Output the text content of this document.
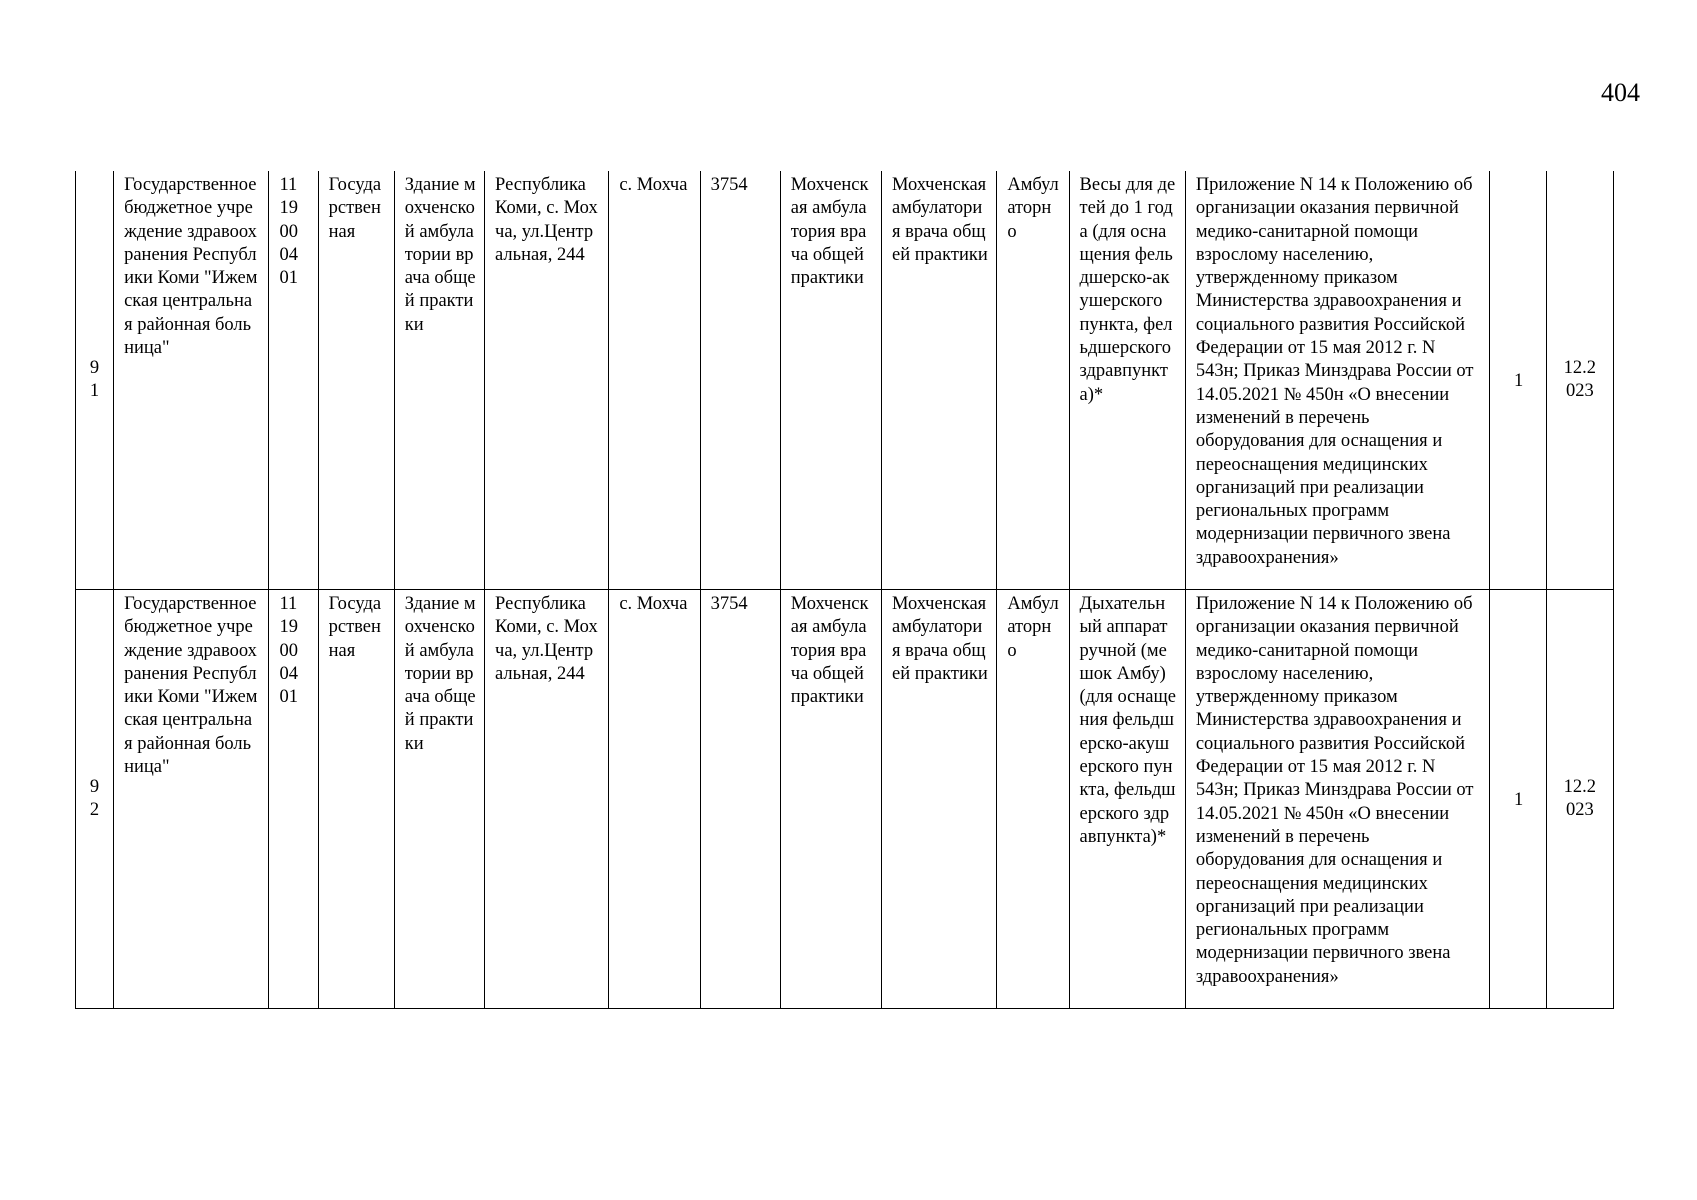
404
91	Государственное бюджетное учреждение здравоохранения Республики Коми "Ижемская центральная районная больница"	1119000401	Государственная	Здание мохченской амбулатории врача общей практики	Республика Коми, с. Мохча, ул.Центральная, 244	с. Мохча	3754	Мохченская амбулатория врача общей практики	Мохченская амбулатория врача общей практики	Амбулаторно	Весы для детей до 1 года (для оснащения фельдшерско-акушерского пункта, фельдшерского здравпункта)*	Приложение N 14 к Положению об организации оказания первичной медико-санитарной помощи взрослому населению, утвержденному приказом Министерства здравоохранения и социального развития Российской Федерации от 15 мая 2012 г. N 543н; Приказ Минздрава России от 14.05.2021 № 450н «О внесении изменений в перечень оборудования для оснащения и переоснащения медицинских организаций при реализации региональных программ модернизации первичного звена здравоохранения»	1	12.2023

92	Государственное бюджетное учреждение здравоохранения Республики Коми "Ижемская центральная районная больница"	1119000401	Государственная	Здание мохченской амбулатории врача общей практики	Республика Коми, с. Мохча, ул.Центральная, 244	с. Мохча	3754	Мохченская амбулатория врача общей практики	Мохченская амбулатория врача общей практики	Амбулаторно	Дыхательный аппарат ручной (мешок Амбу) (для оснащения фельдшерско-акушерского пункта, фельдшерского здравпункта)*	Приложение N 14 к Положению об организации оказания первичной медико-санитарной помощи взрослому населению, утвержденному приказом Министерства здравоохранения и социального развития Российской Федерации от 15 мая 2012 г. N 543н; Приказ Минздрава России от 14.05.2021 № 450н «О внесении изменений в перечень оборудования для оснащения и переоснащения медицинских организаций при реализации региональных программ модернизации первичного звена здравоохранения»	1	12.2023
